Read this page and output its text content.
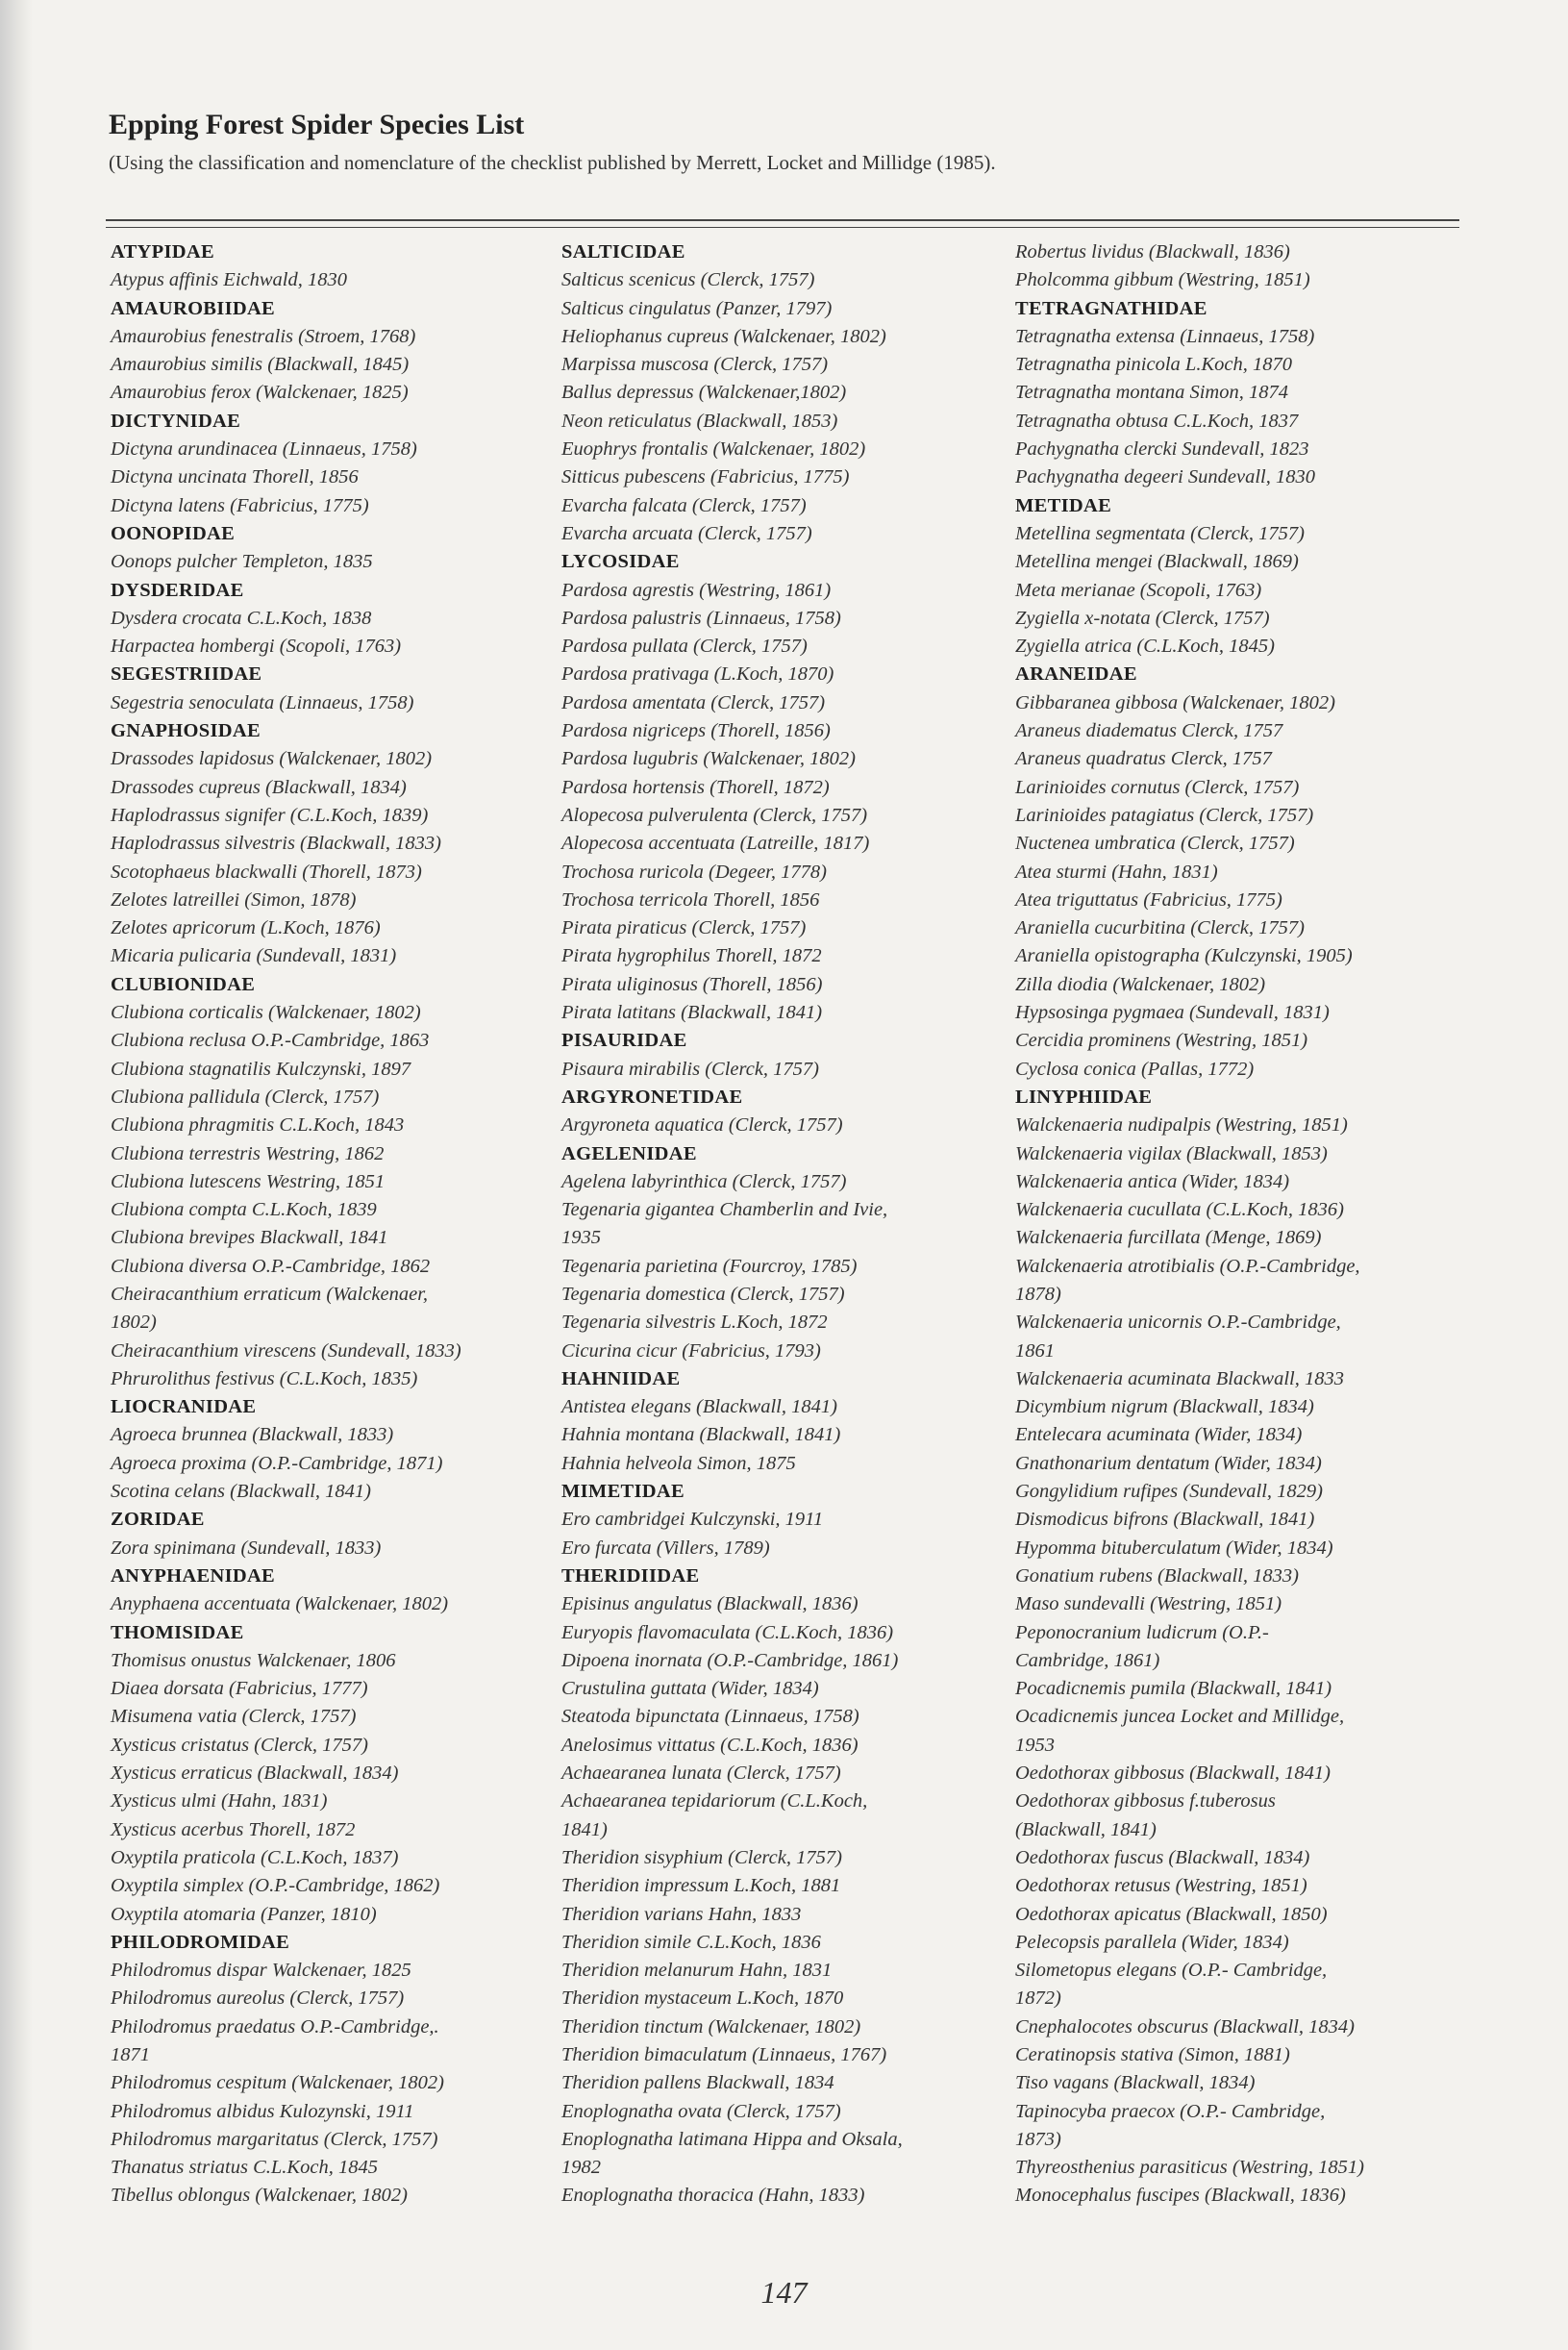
Epping Forest Spider Species List
(Using the classification and nomenclature of the checklist published by Merrett, Locket and Millidge (1985).
ATYPIDAE
Atypus affinis Eichwald, 1830
AMAUROBIIDAE
Amaurobius fenestralis (Stroem, 1768)
Amaurobius similis (Blackwall, 1845)
Amaurobius ferox (Walckenaer, 1825)
DICTYNIDAE
Dictyna arundinacea (Linnaeus, 1758)
Dictyna uncinata Thorell, 1856
Dictyna latens (Fabricius, 1775)
OONOPIDAE
Oonops pulcher Templeton, 1835
DYSDERIDAE
Dysdera crocata C.L.Koch, 1838
Harpactea hombergi (Scopoli, 1763)
SEGESTRIIDAE
Segestria senoculata (Linnaeus, 1758)
GNAPHOSIDAE
Drassodes lapidosus (Walckenaer, 1802)
Drassodes cupreus (Blackwall, 1834)
Haplodrassus signifer (C.L.Koch, 1839)
Haplodrassus silvestris (Blackwall, 1833)
Scotophaeus blackwalli (Thorell, 1873)
Zelotes latreillei (Simon, 1878)
Zelotes apricorum (L.Koch, 1876)
Micaria pulicaria (Sundevall, 1831)
CLUBIONIDAE
Clubiona corticalis (Walckenaer, 1802)
Clubiona reclusa O.P.-Cambridge, 1863
Clubiona stagnatilis Kulczynski, 1897
Clubiona pallidula (Clerck, 1757)
Clubiona phragmitis C.L.Koch, 1843
Clubiona terrestris Westring, 1862
Clubiona lutescens Westring, 1851
Clubiona compta C.L.Koch, 1839
Clubiona brevipes Blackwall, 1841
Clubiona diversa O.P.-Cambridge, 1862
Cheiracanthium erraticum (Walckenaer,
1802)
Cheiracanthium virescens (Sundevall, 1833)
Phrurolithus festivus (C.L.Koch, 1835)
LIOCRANIDAE
Agroeca brunnea (Blackwall, 1833)
Agroeca proxima (O.P.-Cambridge, 1871)
Scotina celans (Blackwall, 1841)
ZORIDAE
Zora spinimana (Sundevall, 1833)
ANYPHAENIDAE
Anyphaena accentuata (Walckenaer, 1802)
THOMISIDAE
Thomisus onustus Walckenaer, 1806
Diaea dorsata (Fabricius, 1777)
Misumena vatia (Clerck, 1757)
Xysticus cristatus (Clerck, 1757)
Xysticus erraticus (Blackwall, 1834)
Xysticus ulmi (Hahn, 1831)
Xysticus acerbus Thorell, 1872
Oxyptila praticola (C.L.Koch, 1837)
Oxyptila simplex (O.P.-Cambridge, 1862)
Oxyptila atomaria (Panzer, 1810)
PHILODROMIDAE
Philodromus dispar Walckenaer, 1825
Philodromus aureolus (Clerck, 1757)
Philodromus praedatus O.P.-Cambridge,.
1871
Philodromus cespitum (Walckenaer, 1802)
Philodromus albidus Kulozynski, 1911
Philodromus margaritatus (Clerck, 1757)
Thanatus striatus C.L.Koch, 1845
Tibellus oblongus (Walckenaer, 1802)
SALTICIDAE
Salticus scenicus (Clerck, 1757)
Salticus cingulatus (Panzer, 1797)
Heliophanus cupreus (Walckenaer, 1802)
Marpissa muscosa (Clerck, 1757)
Ballus depressus (Walckenaer,1802)
Neon reticulatus (Blackwall, 1853)
Euophrys frontalis (Walckenaer, 1802)
Sitticus pubescens (Fabricius, 1775)
Evarcha falcata (Clerck, 1757)
Evarcha arcuata (Clerck, 1757)
LYCOSIDAE
Pardosa agrestis (Westring, 1861)
Pardosa palustris (Linnaeus, 1758)
Pardosa pullata (Clerck, 1757)
Pardosa prativaga (L.Koch, 1870)
Pardosa amentata (Clerck, 1757)
Pardosa nigriceps (Thorell, 1856)
Pardosa lugubris (Walckenaer, 1802)
Pardosa hortensis (Thorell, 1872)
Alopecosa pulverulenta (Clerck, 1757)
Alopecosa accentuata (Latreille, 1817)
Trochosa ruricola (Degeer, 1778)
Trochosa terricola Thorell, 1856
Pirata piraticus (Clerck, 1757)
Pirata hygrophilus Thorell, 1872
Pirata uliginosus (Thorell, 1856)
Pirata latitans (Blackwall, 1841)
PISAURIDAE
Pisaura mirabilis (Clerck, 1757)
ARGYRONETIDAE
Argyroneta aquatica (Clerck, 1757)
AGELENIDAE
Agelena labyrinthica (Clerck, 1757)
Tegenaria gigantea Chamberlin and Ivie,
1935
Tegenaria parietina (Fourcroy, 1785)
Tegenaria domestica (Clerck, 1757)
Tegenaria silvestris L.Koch, 1872
Cicurina cicur (Fabricius, 1793)
HAHNIIDAE
Antistea elegans (Blackwall, 1841)
Hahnia montana (Blackwall, 1841)
Hahnia helveola Simon, 1875
MIMETIDAE
Ero cambridgei Kulczynski, 1911
Ero furcata (Villers, 1789)
THERIDIIDAE
Episinus angulatus (Blackwall, 1836)
Euryopis flavomaculata (C.L.Koch, 1836)
Dipoena inornata (O.P.-Cambridge, 1861)
Crustulina guttata (Wider, 1834)
Steatoda bipunctata (Linnaeus, 1758)
Anelosimus vittatus (C.L.Koch, 1836)
Achaearanea lunata (Clerck, 1757)
Achaearanea tepidariorum (C.L.Koch,
1841)
Theridion sisyphium (Clerck, 1757)
Theridion impressum L.Koch, 1881
Theridion varians Hahn, 1833
Theridion simile C.L.Koch, 1836
Theridion melanurum Hahn, 1831
Theridion mystaceum L.Koch, 1870
Theridion tinctum (Walckenaer, 1802)
Theridion bimaculatum (Linnaeus, 1767)
Theridion pallens Blackwall, 1834
Enoplognatha ovata (Clerck, 1757)
Enoplognatha latimana Hippa and Oksala,
1982
Enoplognatha thoracica (Hahn, 1833)
Robertus lividus (Blackwall, 1836)
Pholcomma gibbum (Westring, 1851)
TETRAGNATHIDAE
Tetragnatha extensa (Linnaeus, 1758)
Tetragnatha pinicola L.Koch, 1870
Tetragnatha montana Simon, 1874
Tetragnatha obtusa C.L.Koch, 1837
Pachygnatha clercki Sundevall, 1823
Pachygnatha degeeri Sundevall, 1830
METIDAE
Metellina segmentata (Clerck, 1757)
Metellina mengei (Blackwall, 1869)
Meta merianae (Scopoli, 1763)
Zygiella x-notata (Clerck, 1757)
Zygiella atrica (C.L.Koch, 1845)
ARANEIDAE
Gibbaranea gibbosa (Walckenaer, 1802)
Araneus diadematus Clerck, 1757
Araneus quadratus Clerck, 1757
Larinioides cornutus (Clerck, 1757)
Larinioides patagiatus (Clerck, 1757)
Nuctenea umbratica (Clerck, 1757)
Atea sturmi (Hahn, 1831)
Atea triguttatus (Fabricius, 1775)
Araniella cucurbitina (Clerck, 1757)
Araniella opistographa (Kulczynski, 1905)
Zilla diodia (Walckenaer, 1802)
Hypsosinga pygmaea (Sundevall, 1831)
Cercidia prominens (Westring, 1851)
Cyclosa conica (Pallas, 1772)
LINYPHIIDAE
Walckenaeria nudipalpis (Westring, 1851)
Walckenaeria vigilax (Blackwall, 1853)
Walckenaeria antica (Wider, 1834)
Walckenaeria cucullata (C.L.Koch, 1836)
Walckenaeria furcillata (Menge, 1869)
Walckenaeria atrotibialis (O.P.-Cambridge,
1878)
Walckenaeria unicornis O.P.-Cambridge,
1861
Walckenaeria acuminata Blackwall, 1833
Dicymbium nigrum (Blackwall, 1834)
Entelecara acuminata (Wider, 1834)
Gnathonarium dentatum (Wider, 1834)
Gongylidium rufipes (Sundevall, 1829)
Dismodicus bifrons (Blackwall, 1841)
Hypomma bituberculatum (Wider, 1834)
Gonatium rubens (Blackwall, 1833)
Maso sundevalli (Westring, 1851)
Peponocranium ludicrum (O.P.-
Cambridge, 1861)
Pocadicnemis pumila (Blackwall, 1841)
Ocadicnemis juncea Locket and Millidge,
1953
Oedothorax gibbosus (Blackwall, 1841)
Oedothorax gibbosus f.tuberosus
(Blackwall, 1841)
Oedothorax fuscus (Blackwall, 1834)
Oedothorax retusus (Westring, 1851)
Oedothorax apicatus (Blackwall, 1850)
Pelecopsis parallela (Wider, 1834)
Silometopus elegans (O.P.- Cambridge,
1872)
Cnephalocotes obscurus (Blackwall, 1834)
Ceratinopsis stativa (Simon, 1881)
Tiso vagans (Blackwall, 1834)
Tapinocyba praecox (O.P.- Cambridge,
1873)
Thyreosthenius parasiticus (Westring, 1851)
Monocephalus fuscipes (Blackwall, 1836)
147
